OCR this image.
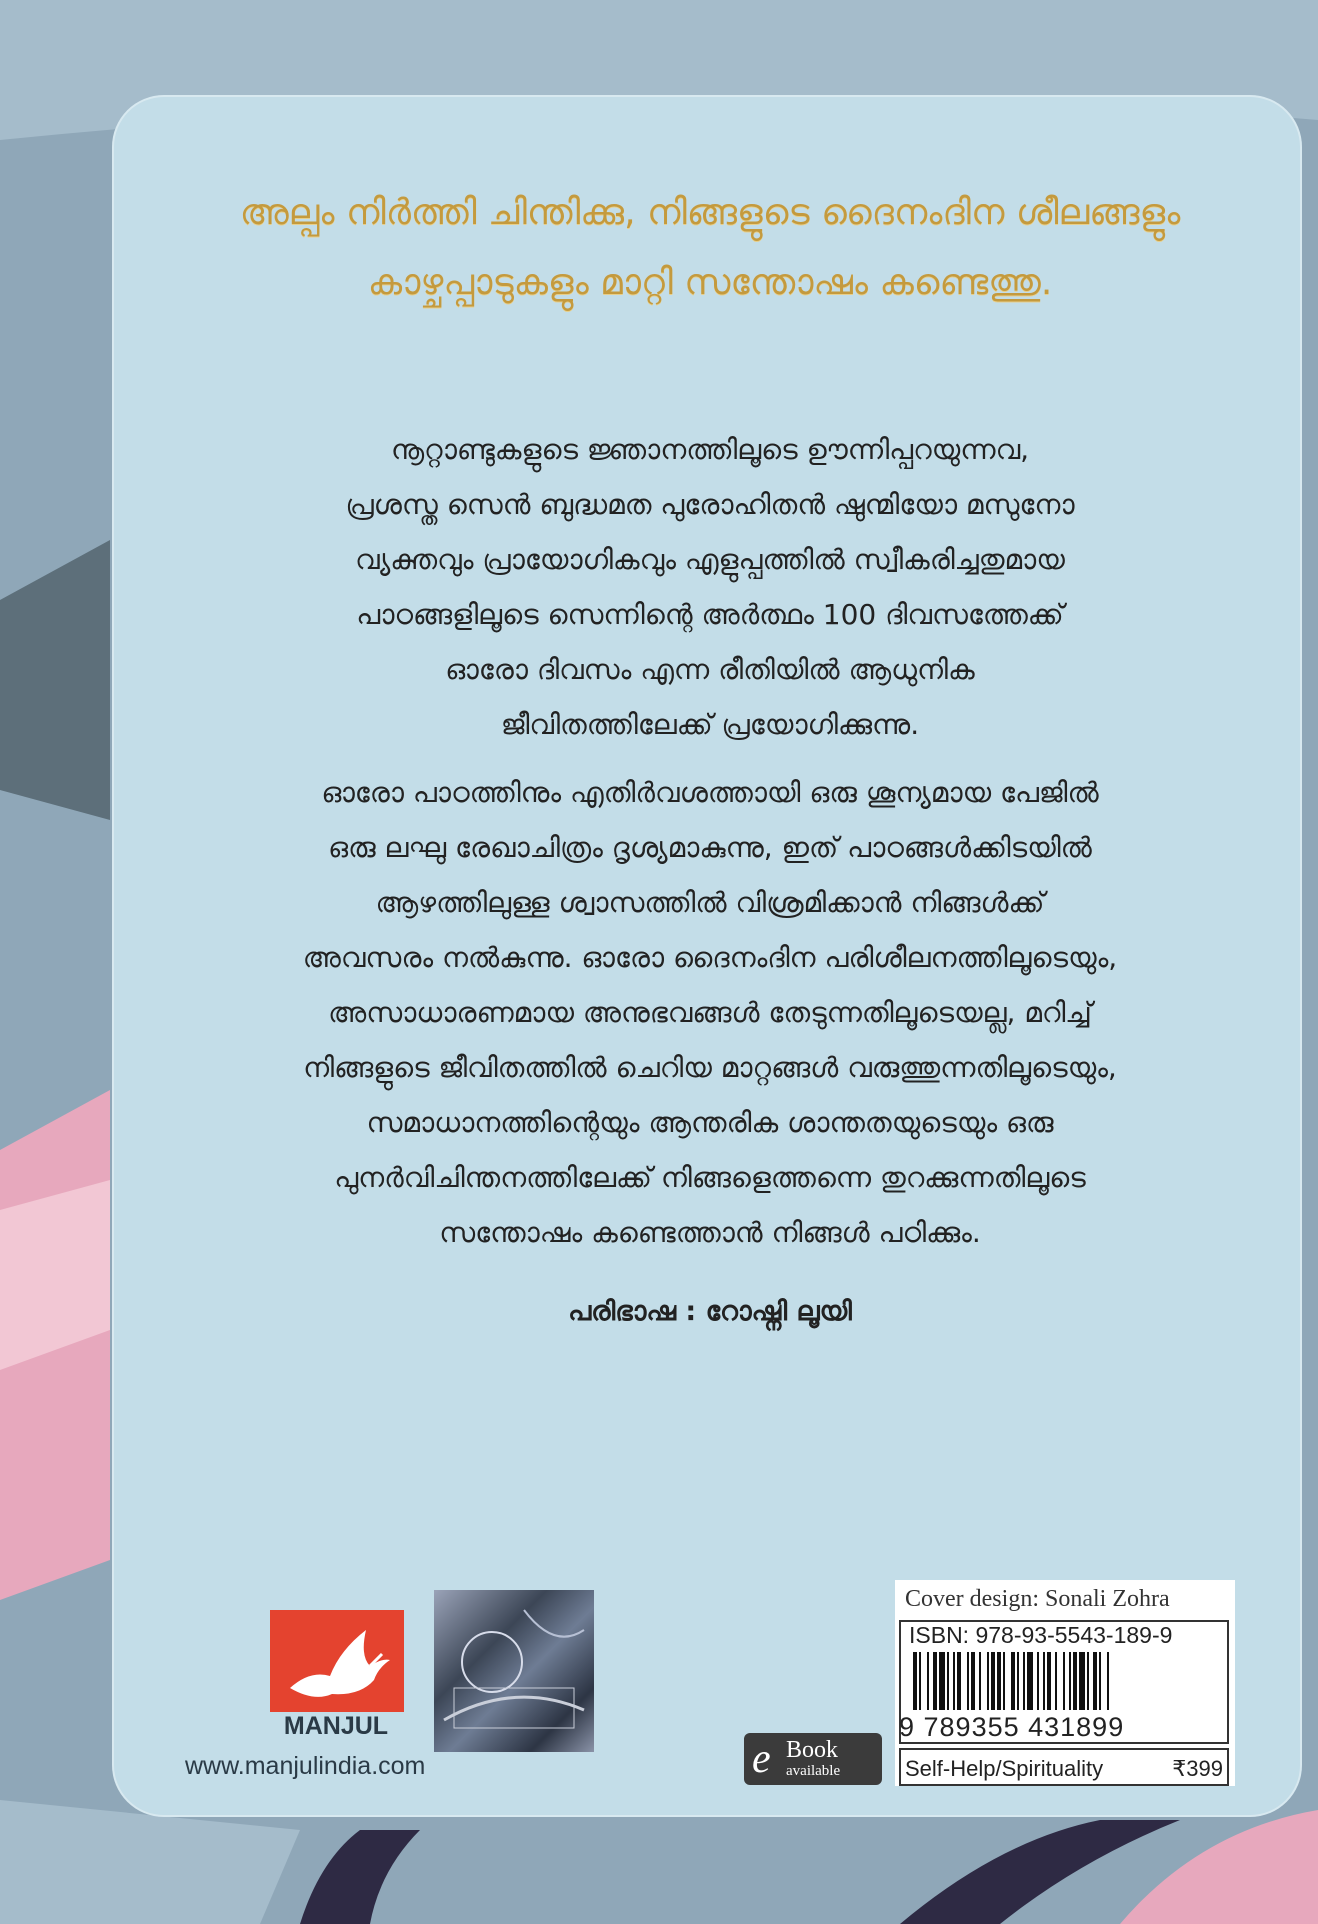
അല്പം നിർത്തി ചിന്തിക്കു, നിങ്ങളുടെ ദൈനംദിന ശീലങ്ങളും
കാഴ്ചപ്പാടുകളും മാറ്റി സന്തോഷം കണ്ടെത്തു.

നൂറ്റാണ്ടുകളുടെ ജ്ഞാനത്തിലൂടെ ഊന്നിപ്പറയുന്നവ,

പ്രശസ്ത സെൻ ബുദ്ധമത പുരോഹിതൻ ഷുന്മിയോ മസുനോ

വ്യക്തവും പ്രായോഗികവും എളുപ്പത്തിൽ സ്വീകരിച്ചതുമായ

പാഠങ്ങളിലൂടെ സെന്നിന്റെ അർത്ഥം 100 ദിവസത്തേക്ക്

ഓരോ ദിവസം എന്ന രീതിയിൽ ആധുനിക

ജീവിതത്തിലേക്ക് പ്രയോഗിക്കുന്നു.

ഓരോ പാഠത്തിനും എതിർവശത്തായി ഒരു ശൂന്യമായ പേജിൽ

ഒരു ലഘു രേഖാചിത്രം ദൃശ്യമാകുന്നു, ഇത് പാഠങ്ങൾക്കിടയിൽ

ആഴത്തിലുള്ള ശ്വാസത്തിൽ വിശ്രമിക്കാൻ നിങ്ങൾക്ക്

അവസരം നൽകുന്നു. ഓരോ ദൈനംദിന പരിശീലനത്തിലൂടെയും,

അസാധാരണമായ അനുഭവങ്ങൾ തേടുന്നതിലൂടെയല്ല, മറിച്ച്

നിങ്ങളുടെ ജീവിതത്തിൽ ചെറിയ മാറ്റങ്ങൾ വരുത്തുന്നതിലൂടെയും,

സമാധാനത്തിന്റെയും ആന്തരിക ശാന്തതയുടെയും ഒരു

പുനർവിചിന്തനത്തിലേക്ക് നിങ്ങളെത്തന്നെ തുറക്കുന്നതിലൂടെ

സന്തോഷം കണ്ടെത്താൻ നിങ്ങൾ പഠിക്കും.

പരിഭാഷ : റോഷ്നി ലൂയി
MANJUL
www.manjulindia.com	e Book
available
Cover design: Sonali Zohra
ISBN: 978-93-5543-189-9
9 789355 431899
Self-Help/Spirituality	₹399
